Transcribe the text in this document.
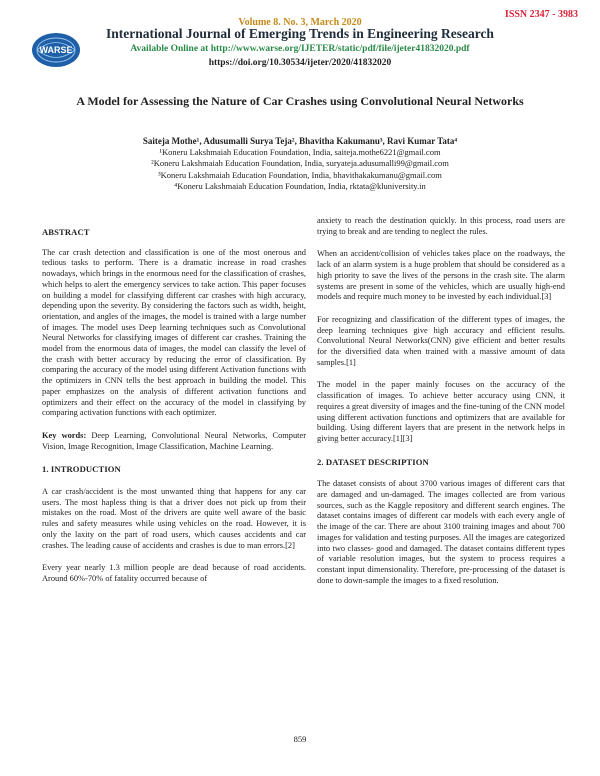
ISSN 2347 - 3983
Volume 8. No. 3, March 2020
WARSE
International Journal of Emerging Trends in Engineering Research
Available Online at http://www.warse.org/IJETER/static/pdf/file/ijeter41832020.pdf
https://doi.org/10.30534/ijeter/2020/41832020
A Model for Assessing the Nature of Car Crashes using Convolutional Neural Networks
Saiteja Mothe¹, Adusumalli Surya Teja², Bhavitha Kakumanu³, Ravi Kumar Tata⁴
¹Koneru Lakshmaiah Education Foundation, India, saiteja.mothe6221@gmail.com
²Koneru Lakshmaiah Education Foundation, India, suryateja.adusumalli99@gmail.com
³Koneru Lakshmaiah Education Foundation, India, bhavithakakumanu@gmail.com
⁴Koneru Lakshmaiah Education Foundation, India, rktata@kluniversity.in
ABSTRACT

The car crash detection and classification is one of the most onerous and tedious tasks to perform. There is a dramatic increase in road crashes nowadays, which brings in the enormous need for the classification of crashes, which helps to alert the emergency services to take action. This paper focuses on building a model for classifying different car crashes with high accuracy, depending upon the severity. By considering the factors such as width, height, orientation, and angles of the images, the model is trained with a large number of images. The model uses Deep learning techniques such as Convolutional Neural Networks for classifying images of different car crashes. Training the model from the enormous data of images, the model can classify the level of the crash with better accuracy by reducing the error of classification. By comparing the accuracy of the model using different Activation functions with the optimizers in CNN tells the best approach in building the model. This paper emphasizes on the analysis of different activation functions and optimizers and their effect on the accuracy of the model in classifying by comparing activation functions with each optimizer.

Key words: Deep Learning, Convolutional Neural Networks, Computer Vision, Image Recognition, Image Classification, Machine Learning.

1. INTRODUCTION

A car crash/accident is the most unwanted thing that happens for any car users. The most hapless thing is that a driver does not pick up from their mistakes on the road. Most of the drivers are quite well aware of the basic rules and safety measures while using vehicles on the road. However, it is only the laxity on the part of road users, which causes accidents and car crashes. The leading cause of accidents and crashes is due to man errors.[2]

Every year nearly 1.3 million people are dead because of road accidents. Around 60%-70% of fatality occurred because of

anxiety to reach the destination quickly. In this process, road users are trying to break and are tending to neglect the rules.

When an accident/collision of vehicles takes place on the roadways, the lack of an alarm system is a huge problem that should be considered as a high priority to save the lives of the persons in the crash site. The alarm systems are present in some of the vehicles, which are usually high-end models and require much money to be invested by each individual.[3]

For recognizing and classification of the different types of images, the deep learning techniques give high accuracy and efficient results. Convolutional Neural Networks(CNN) give efficient and better results for the diversified data when trained with a massive amount of data samples.[1]

The model in the paper mainly focuses on the accuracy of the classification of images. To achieve better accuracy using CNN, it requires a great diversity of images and the fine-tuning of the CNN model using different activation functions and optimizers that are available for building. Using different layers that are present in the network helps in giving better accuracy.[1][3]

2. DATASET DESCRIPTION

The dataset consists of about 3700 various images of different cars that are damaged and un-damaged. The images collected are from various sources, such as the Kaggle repository and different search engines. The dataset contains images of different car models with each every angle of the image of the car. There are about 3100 training images and about 700 images for validation and testing purposes. All the images are categorized into two classes- good and damaged. The dataset contains different types of variable resolution images, but the system to process requires a constant input dimensionality. Therefore, pre-processing of the dataset is done to down-sample the images to a fixed resolution.

859
